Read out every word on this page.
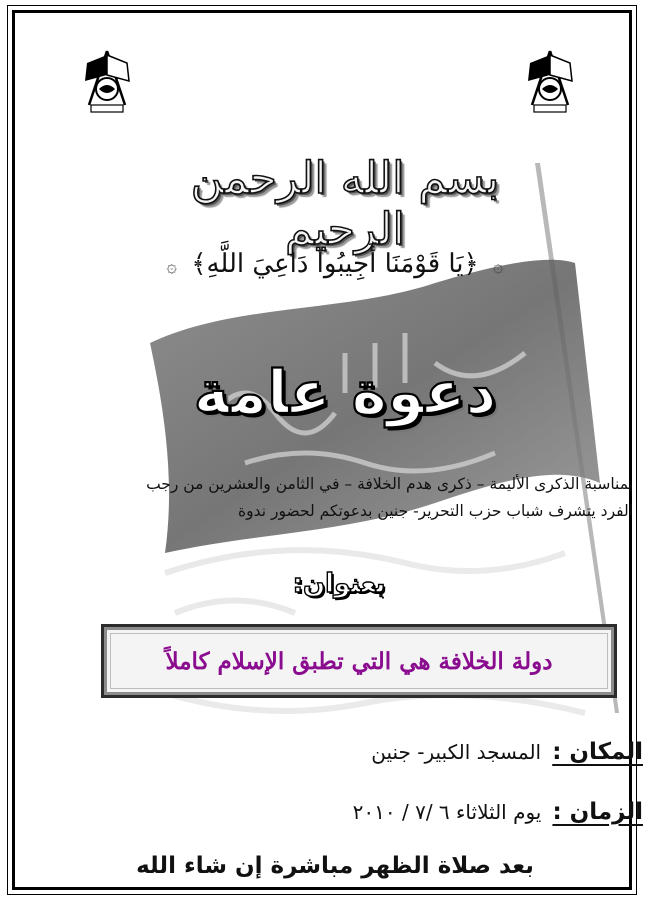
بسم الله الرحمن الرحيم
۞ ﴿يَا قَوْمَنَا أَجِيبُوا دَاعِيَ اللَّهِ﴾ ۞
دعوة عامة
بمناسبة الذكرى الأليمة – ذكرى هدم الخلافة – في الثامن والعشرين من رجب
الفرد يتشرف شباب حزب التحرير- جنين بدعوتكم لحضور ندوة
بعنوان:
دولة الخلافة هي التي تطبق الإسلام كاملاً
المكان : المسجد الكبير- جنين
الزمان : يوم الثلاثاء ٦ /٧ / ٢٠١٠
بعد صلاة الظهر مباشرة إن شاء الله
